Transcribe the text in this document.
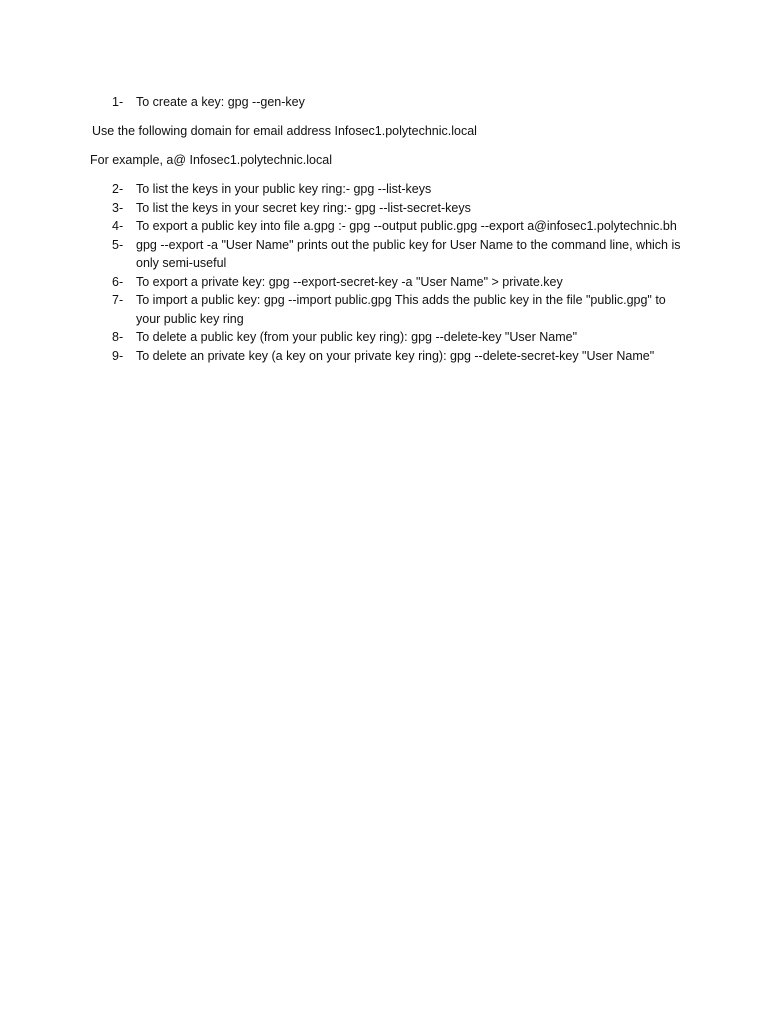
1-	To create a key: gpg --gen-key

Use the following domain for email address Infosec1.polytechnic.local

For example, a@ Infosec1.polytechnic.local

2-	To list the keys in your public key ring:- gpg --list-keys
3-	To list the keys in your secret key ring:- gpg --list-secret-keys
4-	To export a public key into file a.gpg :- gpg --output public.gpg --export a@infosec1.polytechnic.bh
5-	gpg --export -a "User Name" prints out the public key for User Name to the command line, which is only semi-useful
6-	To export a private key: gpg --export-secret-key -a "User Name" > private.key
7-	To import a public key: gpg --import public.gpg This adds the public key in the file "public.gpg" to your public key ring
8-	To delete a public key (from your public key ring): gpg --delete-key "User Name"
9-	To delete an private key (a key on your private key ring): gpg --delete-secret-key "User Name"
